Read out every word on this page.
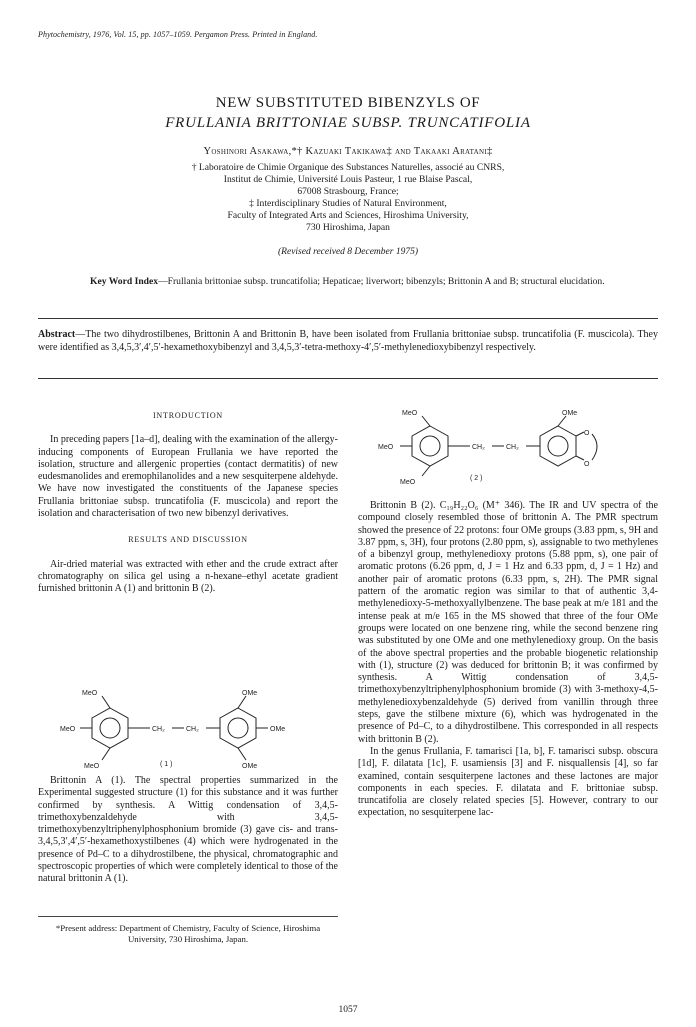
Phytochemistry, 1976, Vol. 15, pp. 1057–1059. Pergamon Press. Printed in England.
NEW SUBSTITUTED BIBENZYLS OF
FRULLANIA BRITTONIAE SUBSP. TRUNCATIFOLIA
Yoshinori Asakawa,*† Kazuaki Takikawa‡ and Takaaki Aratani‡
† Laboratoire de Chimie Organique des Substances Naturelles, associé au CNRS,
Institut de Chimie, Université Louis Pasteur, 1 rue Blaise Pascal,
67008 Strasbourg, France;
‡ Interdisciplinary Studies of Natural Environment,
Faculty of Integrated Arts and Sciences, Hiroshima University,
730 Hiroshima, Japan
(Revised received 8 December 1975)
Key Word Index—Frullania brittoniae subsp. truncatifolia; Hepaticae; liverwort; bibenzyls; Brittonin A and B; structural elucidation.
Abstract—The two dihydrostilbenes, Brittonin A and Brittonin B, have been isolated from Frullania brittoniae subsp. truncatifolia (F. muscicola). They were identified as 3,4,5,3′,4′,5′-hexamethoxybibenzyl and 3,4,5,3′-tetra-methoxy-4′,5′-methylenedioxybibenzyl respectively.

INTRODUCTION

In preceding papers [1a–d], dealing with the examination of the allergy-inducing components of European Frullania we have reported the isolation, structure and allergenic properties (contact dermatitis) of new eudesmanolides and eremophilanolides and a new sesquiterpene aldehyde. We have now investigated the constituents of the Japanese species Frullania brittoniae subsp. truncatifolia (F. muscicola) and report the isolation and characterisation of two new bibenzyl derivatives.

RESULTS AND DISCUSSION

Air-dried material was extracted with ether and the crude extract after chromatography on silica gel using a n-hexane–ethyl acetate gradient furnished brittonin A (1) and brittonin B (2).

MeO
MeO
MeO
CH₂	CH₂
OMe
OMe
OMe
( 1 )

Brittonin A (1). The spectral properties summarized in the Experimental suggested structure (1) for this substance and it was further confirmed by synthesis. A Wittig condensation of 3,4,5-trimethoxybenzaldehyde with 3,4,5-trimethoxybenzyltriphenylphosphonium bromide (3) gave cis- and trans-3,4,5,3′,4′,5′-hexamethoxystilbenes (4) which were hydrogenated in the presence of Pd–C to a dihydrostilbene, the physical, chromatographic and spectroscopic properties of which were completely identical to those of the natural brittonin A (1).

*Present address: Department of Chemistry, Faculty of Science, Hiroshima University, 730 Hiroshima, Japan.
MeO
MeO
MeO
CH₂	CH₂
OMe
O
O
( 2 )

Brittonin B (2). C₁₉H₂₂O₆ (M⁺ 346). The IR and UV spectra of the compound closely resembled those of brittonin A. The PMR spectrum showed the presence of 22 protons: four OMe groups (3.83 ppm, s, 9H and 3.87 ppm, s, 3H), four protons (2.80 ppm, s), assignable to two methylenes of a bibenzyl group, methylenedioxy protons (5.88 ppm, s), one pair of aromatic protons (6.26 ppm, d, J = 1 Hz and 6.33 ppm, d, J = 1 Hz) and another pair of aromatic protons (6.33 ppm, s, 2H). The PMR signal pattern of the aromatic region was similar to that of authentic 3,4-methylenedioxy-5-methoxyallylbenzene. The base peak at m/e 181 and the intense peak at m/e 165 in the MS showed that three of the four OMe groups were located on one benzene ring, while the second benzene ring was substituted by one OMe and one methylenedioxy group. On the basis of the above spectral properties and the probable biogenetic relationship with (1), structure (2) was deduced for brittonin B; it was confirmed by synthesis. A Wittig condensation of 3,4,5-trimethoxybenzyltriphenylphosphonium bromide (3) with 3-methoxy-4,5-methylenedioxybenzaldehyde (5) derived from vanillin through three steps, gave the stilbene mixture (6), which was hydrogenated in the presence of Pd–C, to a dihydrostilbene. This corresponded in all respects with brittonin B (2).

In the genus Frullania, F. tamarisci [1a, b], F. tamarisci subsp. obscura [1d], F. dilatata [1c], F. usamiensis [3] and F. nisquallensis [4], so far examined, contain sesquiterpene lactones and these lactones are major components in each species. F. dilatata and F. brittoniae subsp. truncatifolia are closely related species [5]. However, contrary to our expectation, no sesquiterpene lac-

1057
